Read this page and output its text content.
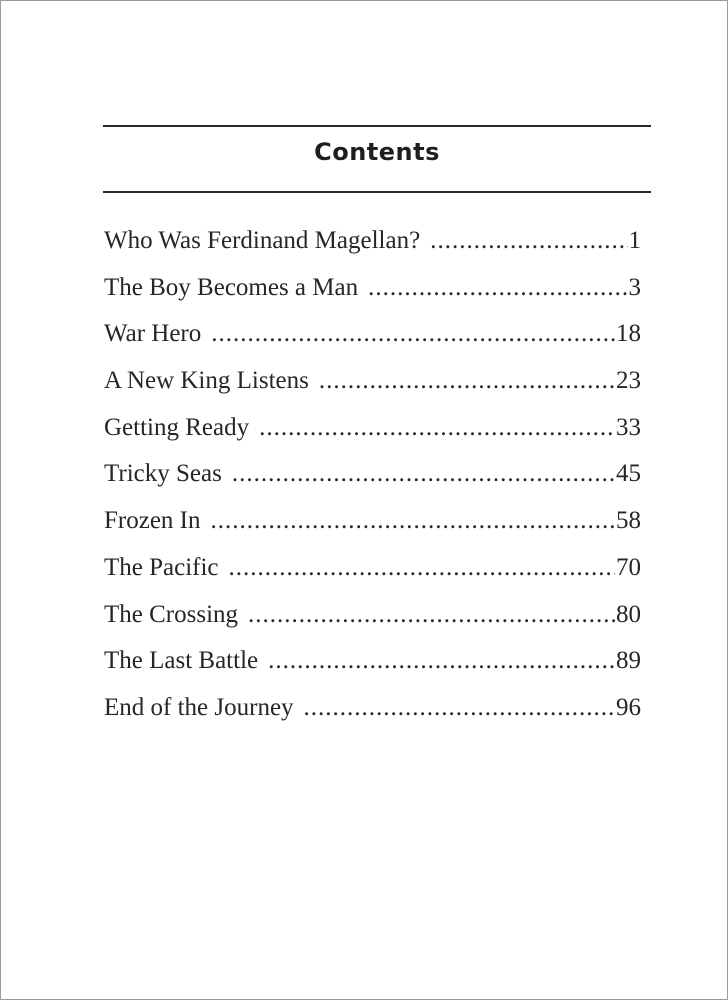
Contents
Who Was Ferdinand Magellan? .....	1
The Boy Becomes a Man .....	3
War Hero .....	18
A New King Listens .....	23
Getting Ready .....	33
Tricky Seas .....	45
Frozen In .....	58
The Pacific .....	70
The Crossing .....	80
The Last Battle .....	89
End of the Journey .....	96
